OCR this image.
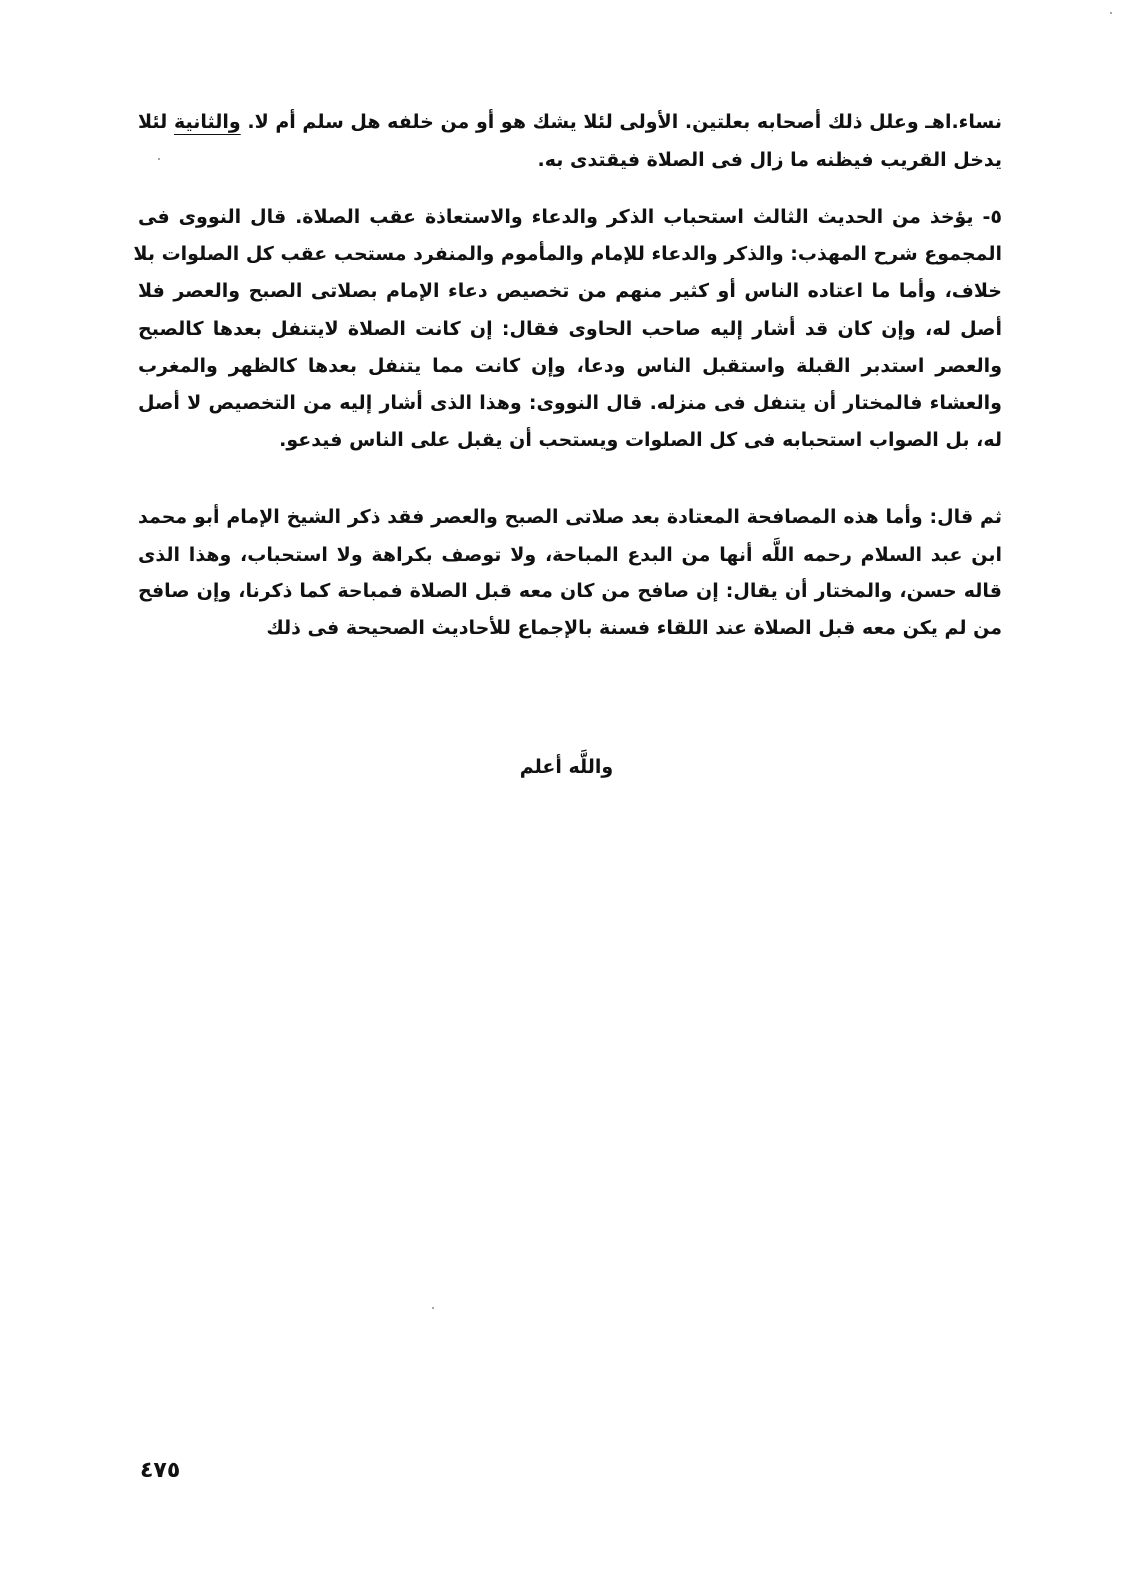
نساء.اهـ وعلل ذلك أصحابه بعلتين. الأولى لئلا يشك هو أو من خلفه هل سلم أم لا. والثانية لئلا
يدخل القريب فيظنه ما زال فى الصلاة فيقتدى به.
٥- يؤخذ من الحديث الثالث استحباب الذكر والدعاء والاستعاذة عقب الصلاة. قال النووى فى
المجموع شرح المهذب: والذكر والدعاء للإمام والمأموم والمنفرد مستحب عقب كل الصلوات بلا
خلاف، وأما ما اعتاده الناس أو كثير منهم من تخصيص دعاء الإمام بصلاتى الصبح والعصر فلا
أصل له، وإن كان قد أشار إليه صاحب الحاوى فقال: إن كانت الصلاة لايتنفل بعدها كالصبح
والعصر استدبر القبلة واستقبل الناس ودعا، وإن كانت مما يتنفل بعدها كالظهر والمغرب
والعشاء فالمختار أن يتنفل فى منزله. قال النووى: وهذا الذى أشار إليه من التخصيص لا أصل
له، بل الصواب استحبابه فى كل الصلوات ويستحب أن يقبل على الناس فيدعو.
ثم قال: وأما هذه المصافحة المعتادة بعد صلاتى الصبح والعصر فقد ذكر الشيخ الإمام أبو محمد
ابن عبد السلام رحمه اللَّه أنها من البدع المباحة، ولا توصف بكراهة ولا استحباب، وهذا الذى
قاله حسن، والمختار أن يقال: إن صافح من كان معه قبل الصلاة فمباحة كما ذكرنا، وإن صافح
من لم يكن معه قبل الصلاة عند اللقاء فسنة بالإجماع للأحاديث الصحيحة فى ذلك
واللَّه أعلم
٤٧٥
